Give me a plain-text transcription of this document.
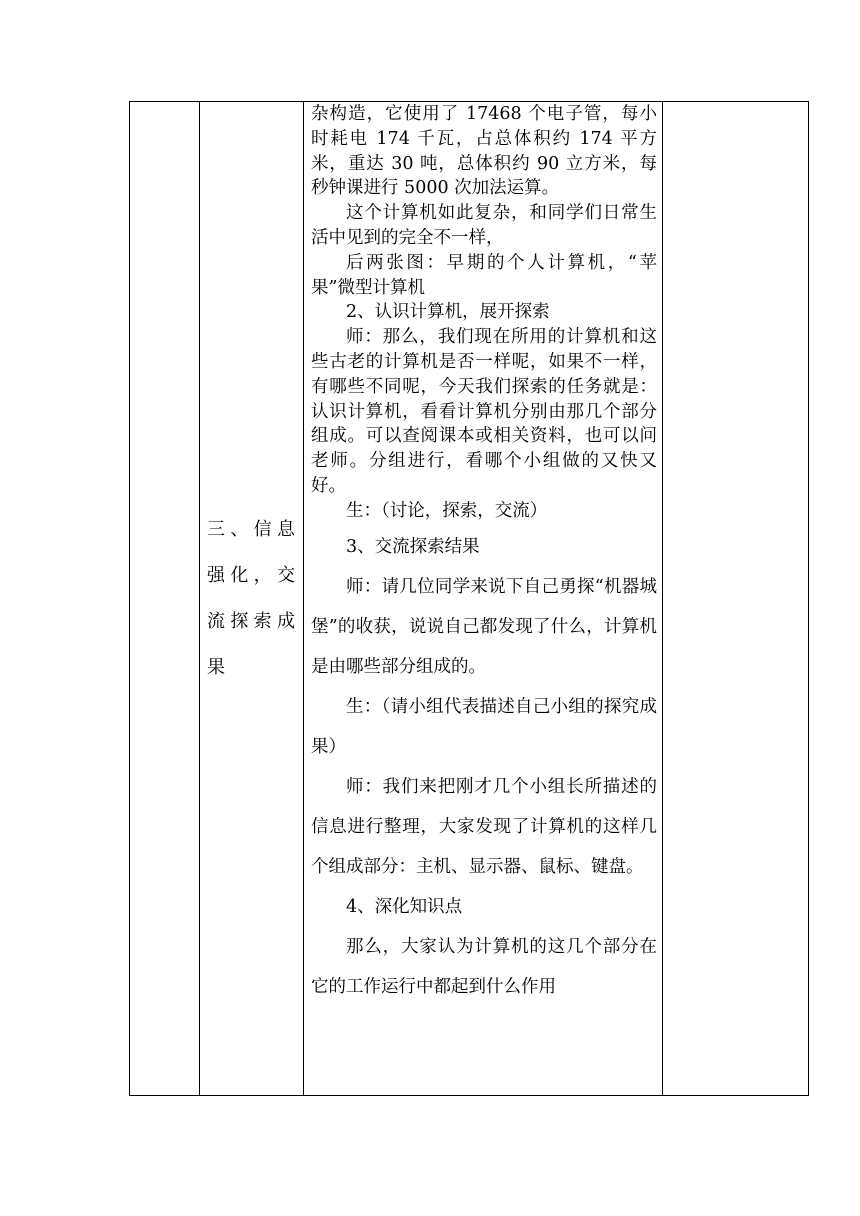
三、信息
强化，交
流探索成
果

杂构造，它使用了 17468 个电子管，每小时耗电 174 千瓦，占总体积约 174 平方米，重达 30 吨，总体积约 90 立方米，每秒钟课进行 5000 次加法运算。

这个计算机如此复杂，和同学们日常生活中见到的完全不一样，

后两张图：早期的个人计算机，“苹果”微型计算机

2、认识计算机，展开探索

师：那么，我们现在所用的计算机和这些古老的计算机是否一样呢，如果不一样，有哪些不同呢，今天我们探索的任务就是：认识计算机，看看计算机分别由那几个部分组成。可以查阅课本或相关资料，也可以问老师。分组进行，看哪个小组做的又快又好。

生：（讨论，探索，交流）

3、交流探索结果

师：请几位同学来说下自己勇探“机器城堡”的收获，说说自己都发现了什么，计算机是由哪些部分组成的。

生：（请小组代表描述自己小组的探究成果）

师：我们来把刚才几个小组长所描述的信息进行整理，大家发现了计算机的这样几个组成部分：主机、显示器、鼠标、键盘。

4、深化知识点

那么，大家认为计算机的这几个部分在它的工作运行中都起到什么作用
